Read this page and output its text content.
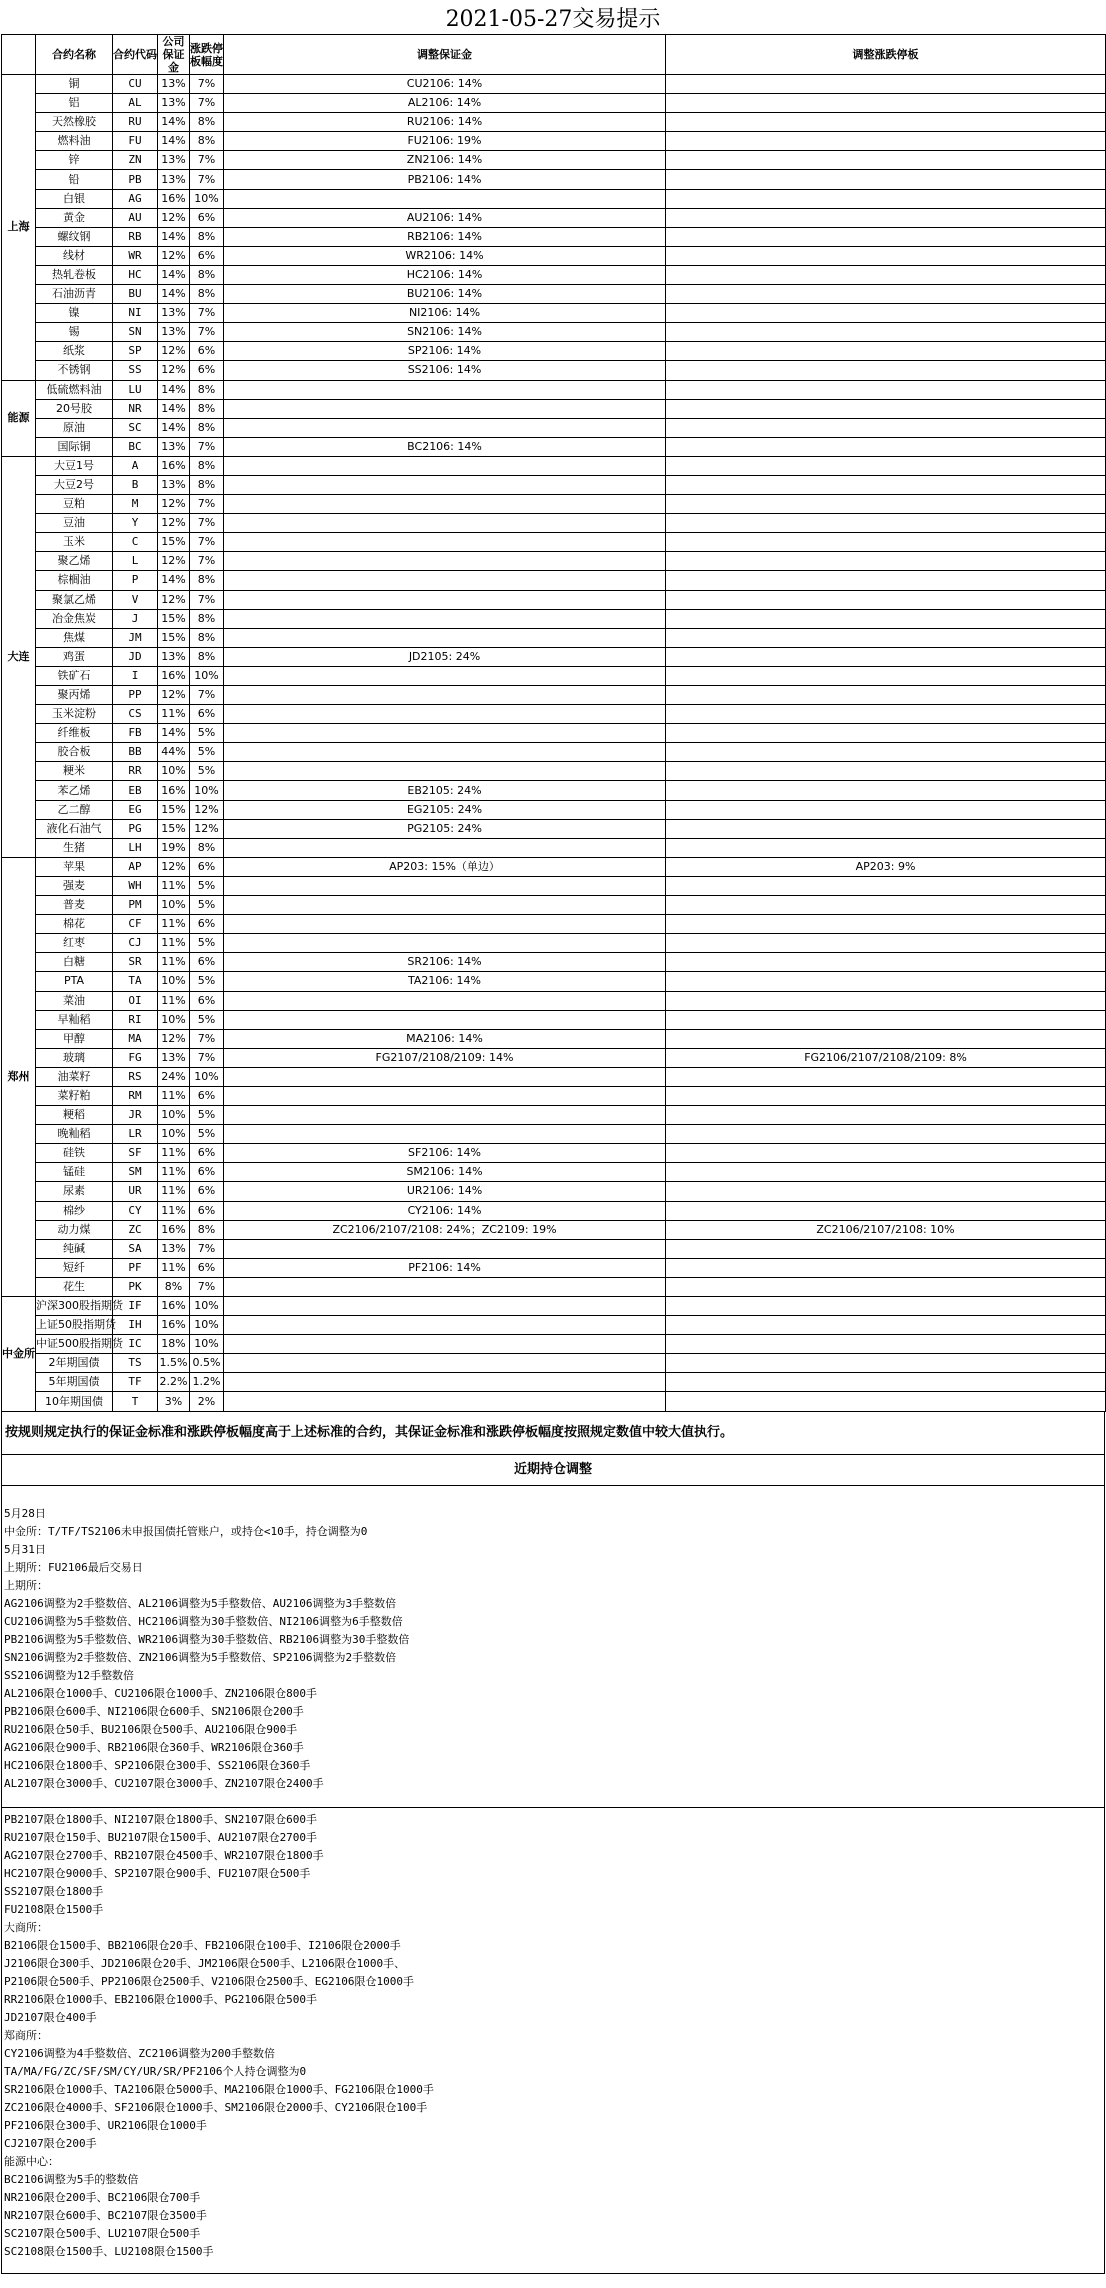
2021-05-27交易提示
	合约名称	合约代码	公司保证金	涨跌停板幅度	调整保证金	调整涨跌停板
上海	铜	CU	13%	7%	CU2106: 14%	
	铝	AL	13%	7%	AL2106: 14%	
	天然橡胶	RU	14%	8%	RU2106: 14%	
	燃料油	FU	14%	8%	FU2106: 19%	
	锌	ZN	13%	7%	ZN2106: 14%	
	铅	PB	13%	7%	PB2106: 14%	
	白银	AG	16%	10%		
	黄金	AU	12%	6%	AU2106: 14%	
	螺纹钢	RB	14%	8%	RB2106: 14%	
	线材	WR	12%	6%	WR2106: 14%	
	热轧卷板	HC	14%	8%	HC2106: 14%	
	石油沥青	BU	14%	8%	BU2106: 14%	
	镍	NI	13%	7%	NI2106: 14%	
	锡	SN	13%	7%	SN2106: 14%	
	纸浆	SP	12%	6%	SP2106: 14%	
	不锈钢	SS	12%	6%	SS2106: 14%	
能源	低硫燃料油	LU	14%	8%		
	20号胶	NR	14%	8%		
	原油	SC	14%	8%		
	国际铜	BC	13%	7%	BC2106: 14%	
大连	大豆1号	A	16%	8%		
	大豆2号	B	13%	8%		
	豆粕	M	12%	7%		
	豆油	Y	12%	7%		
	玉米	C	15%	7%		
	聚乙烯	L	12%	7%		
	棕榈油	P	14%	8%		
	聚氯乙烯	V	12%	7%		
	冶金焦炭	J	15%	8%		
	焦煤	JM	15%	8%		
	鸡蛋	JD	13%	8%	JD2105: 24%	
	铁矿石	I	16%	10%		
	聚丙烯	PP	12%	7%		
	玉米淀粉	CS	11%	6%		
	纤维板	FB	14%	5%		
	胶合板	BB	44%	5%		
	粳米	RR	10%	5%		
	苯乙烯	EB	16%	10%	EB2105: 24%	
	乙二醇	EG	15%	12%	EG2105: 24%	
	液化石油气	PG	15%	12%	PG2105: 24%	
	生猪	LH	19%	8%		
郑州	苹果	AP	12%	6%	AP203: 15%（单边）	AP203: 9%
	强麦	WH	11%	5%		
	普麦	PM	10%	5%		
	棉花	CF	11%	6%		
	红枣	CJ	11%	5%		
	白糖	SR	11%	6%	SR2106: 14%	
	PTA	TA	10%	5%	TA2106: 14%	
	菜油	OI	11%	6%		
	早籼稻	RI	10%	5%		
	甲醇	MA	12%	7%	MA2106: 14%	
	玻璃	FG	13%	7%	FG2107/2108/2109: 14%	FG2106/2107/2108/2109: 8%
	油菜籽	RS	24%	10%		
	菜籽粕	RM	11%	6%		
	粳稻	JR	10%	5%		
	晚籼稻	LR	10%	5%		
	硅铁	SF	11%	6%	SF2106: 14%	
	锰硅	SM	11%	6%	SM2106: 14%	
	尿素	UR	11%	6%	UR2106: 14%	
	棉纱	CY	11%	6%	CY2106: 14%	
	动力煤	ZC	16%	8%	ZC2106/2107/2108: 24%；ZC2109: 19%	ZC2106/2107/2108: 10%
	纯碱	SA	13%	7%		
	短纤	PF	11%	6%	PF2106: 14%	
	花生	PK	8%	7%		
中金所	沪深300股指期货	IF	16%	10%		
	上证50股指期货	IH	16%	10%		
	中证500股指期货	IC	18%	10%		
	2年期国债	TS	1.5%	0.5%		
	5年期国债	TF	2.2%	1.2%		
	10年期国债	T	3%	2%		
按规则规定执行的保证金标准和涨跌停板幅度高于上述标准的合约，其保证金标准和涨跌停板幅度按照规定数值中较大值执行。
近期持仓调整
5月28日
中金所：T/TF/TS2106未申报国债托管账户，或持仓<10手，持仓调整为0
5月31日
上期所：FU2106最后交易日
上期所：
AG2106调整为2手整数倍、AL2106调整为5手整数倍、AU2106调整为3手整数倍
CU2106调整为5手整数倍、HC2106调整为30手整数倍、NI2106调整为6手整数倍
PB2106调整为5手整数倍、WR2106调整为30手整数倍、RB2106调整为30手整数倍
SN2106调整为2手整数倍、ZN2106调整为5手整数倍、SP2106调整为2手整数倍
SS2106调整为12手整数倍
AL2106限仓1000手、CU2106限仓1000手、ZN2106限仓800手
PB2106限仓600手、NI2106限仓600手、SN2106限仓200手
RU2106限仓50手、BU2106限仓500手、AU2106限仓900手
AG2106限仓900手、RB2106限仓360手、WR2106限仓360手
HC2106限仓1800手、SP2106限仓300手、SS2106限仓360手
AL2107限仓3000手、CU2107限仓3000手、ZN2107限仓2400手
PB2107限仓1800手、NI2107限仓1800手、SN2107限仓600手
RU2107限仓150手、BU2107限仓1500手、AU2107限仓2700手
AG2107限仓2700手、RB2107限仓4500手、WR2107限仓1800手
HC2107限仓9000手、SP2107限仓900手、FU2107限仓500手
SS2107限仓1800手
FU2108限仓1500手
大商所：
B2106限仓1500手、BB2106限仓20手、FB2106限仓100手、I2106限仓2000手
J2106限仓300手、JD2106限仓20手、JM2106限仓500手、L2106限仓1000手、
P2106限仓500手、PP2106限仓2500手、V2106限仓2500手、EG2106限仓1000手
RR2106限仓1000手、EB2106限仓1000手、PG2106限仓500手
JD2107限仓400手
郑商所：
CY2106调整为4手整数倍、ZC2106调整为200手整数倍
TA/MA/FG/ZC/SF/SM/CY/UR/SR/PF2106个人持仓调整为0
SR2106限仓1000手、TA2106限仓5000手、MA2106限仓1000手、FG2106限仓1000手
ZC2106限仓4000手、SF2106限仓1000手、SM2106限仓2000手、CY2106限仓100手
PF2106限仓300手、UR2106限仓1000手
CJ2107限仓200手
能源中心：
BC2106调整为5手的整数倍
NR2106限仓200手、BC2106限仓700手
NR2107限仓600手、BC2107限仓3500手
SC2107限仓500手、LU2107限仓500手
SC2108限仓1500手、LU2108限仓1500手
